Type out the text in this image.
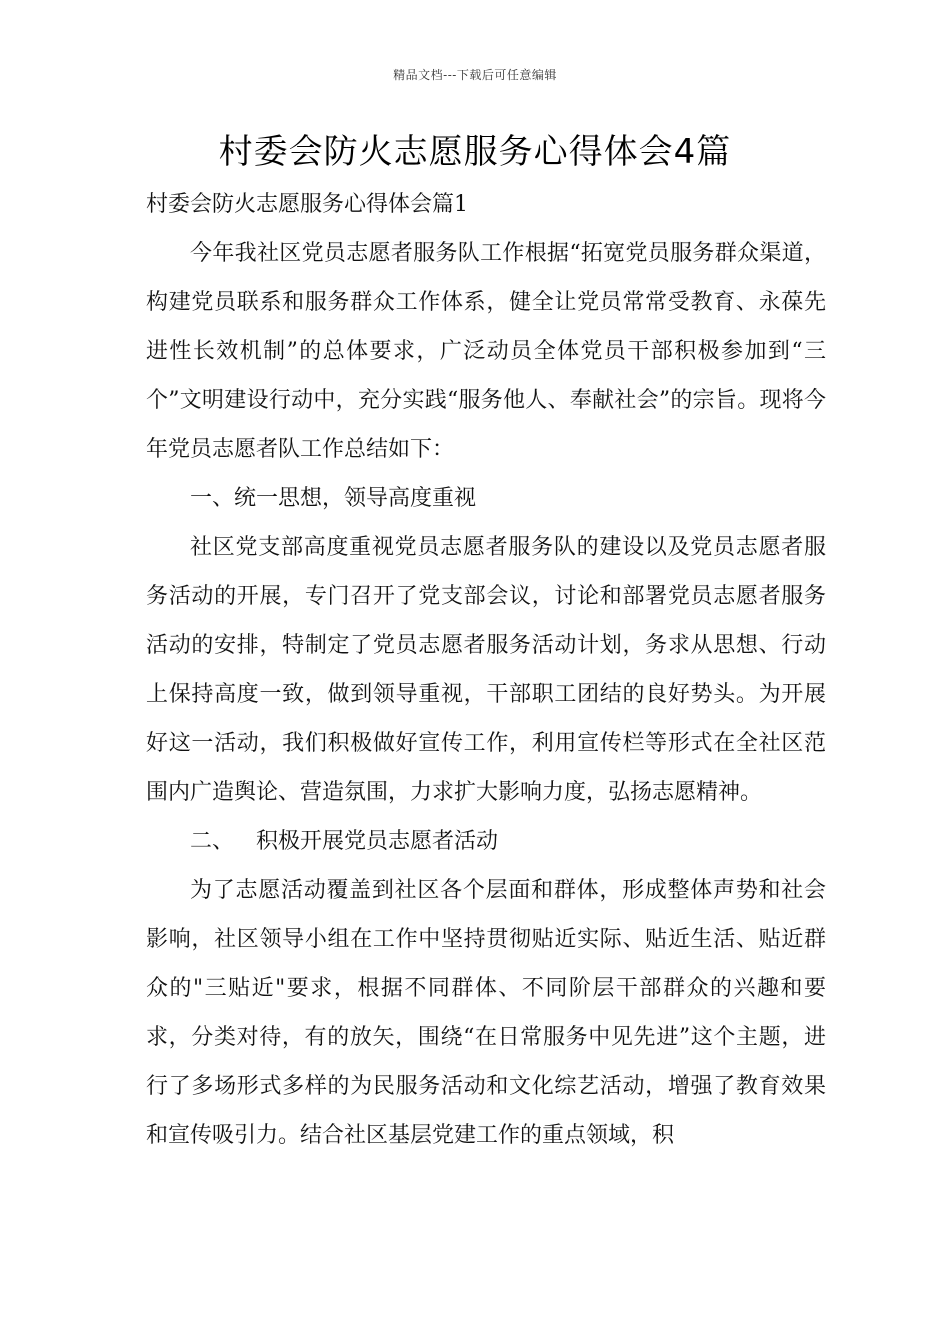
精品文档---下载后可任意编辑
村委会防火志愿服务心得体会4篇

村委会防火志愿服务心得体会篇1

今年我社区党员志愿者服务队工作根据“拓宽党员服务群众渠道，构建党员联系和服务群众工作体系，健全让党员常常受教育、永葆先进性长效机制”的总体要求，广泛动员全体党员干部积极参加到“三个”文明建设行动中，充分实践“服务他人、奉献社会”的宗旨。现将今年党员志愿者队工作总结如下：

一、统一思想，领导高度重视

社区党支部高度重视党员志愿者服务队的建设以及党员志愿者服务活动的开展，专门召开了党支部会议，讨论和部署党员志愿者服务活动的安排，特制定了党员志愿者服务活动计划，务求从思想、行动上保持高度一致，做到领导重视，干部职工团结的良好势头。为开展好这一活动，我们积极做好宣传工作，利用宣传栏等形式在全社区范围内广造舆论、营造氛围，力求扩大影响力度，弘扬志愿精神。

二、 积极开展党员志愿者活动

为了志愿活动覆盖到社区各个层面和群体，形成整体声势和社会影响，社区领导小组在工作中坚持贯彻贴近实际、贴近生活、贴近群众的"三贴近"要求，根据不同群体、不同阶层干部群众的兴趣和要求，分类对待，有的放矢，围绕“在日常服务中见先进”这个主题，进行了多场形式多样的为民服务活动和文化综艺活动，增强了教育效果和宣传吸引力。结合社区基层党建工作的重点领域，积
